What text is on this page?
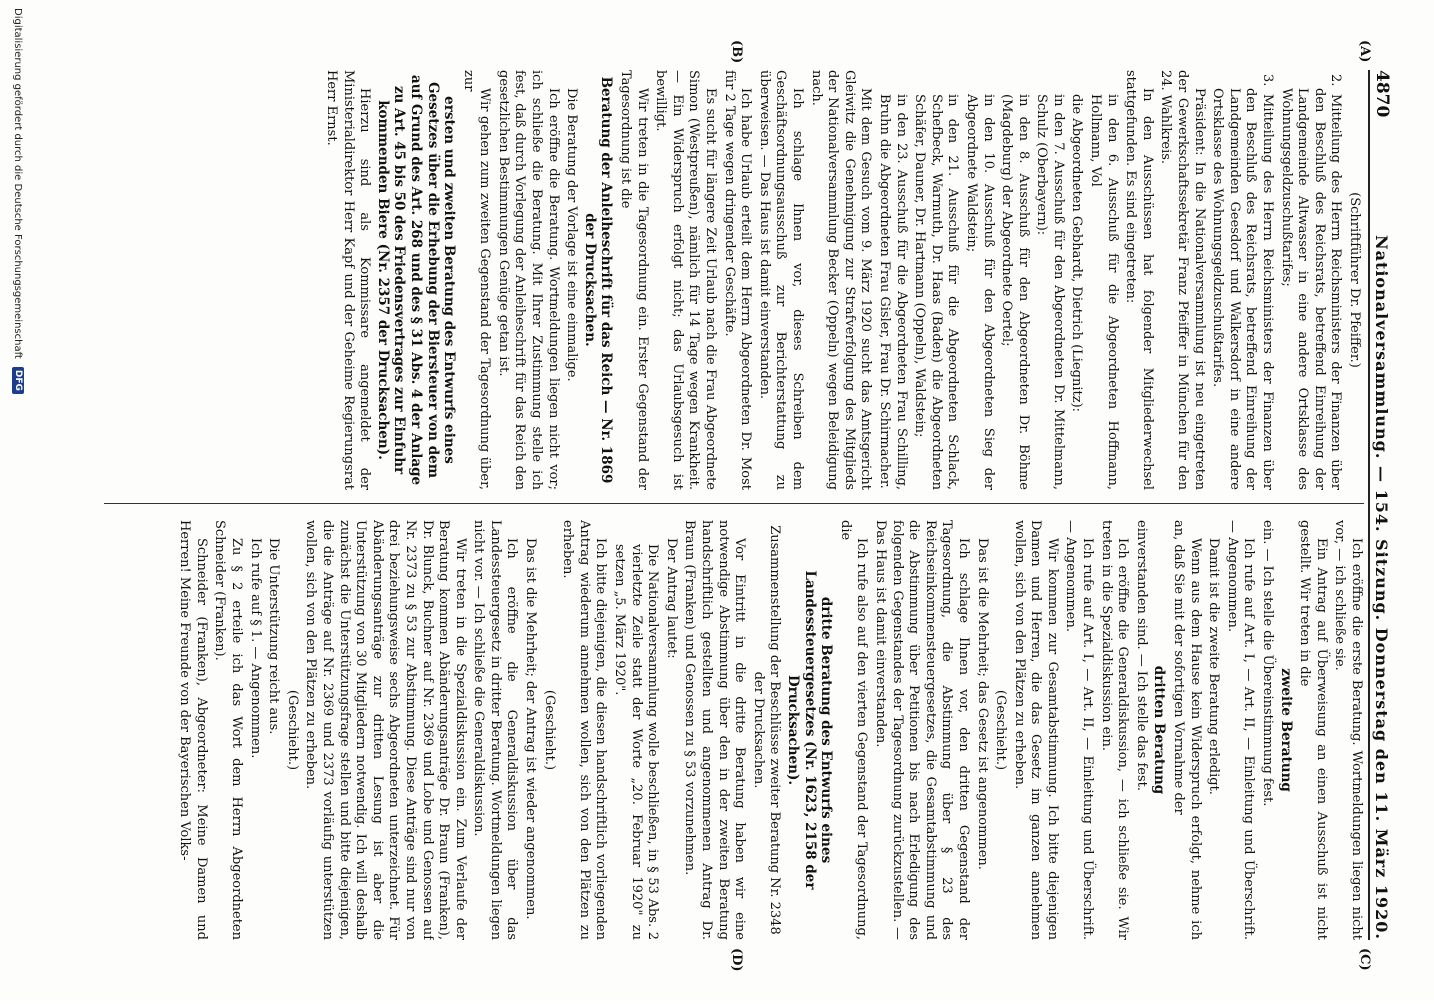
4870
Nationalversammlung. — 154. Sitzung. Donnerstag den 11. März 1920.
(A)
(B)
(C)
(D)

(Schriftführer Dr. Pfeiffer.)

2. Mitteilung des Herrn Reichsministers der Finanzen über den Beschluß des Reichsrats, betreffend Einreihung der Landgemeinde Altwasser in eine andere Ortsklasse des Wohnungsgeldzuschußtarifes;

3. Mitteilung des Herrn Reichsministers der Finanzen über den Beschluß des Reichsrats, betreffend Einreihung der Landgemeinden Geesdorf und Walkersdorf in eine andere Ortsklasse des Wohnungsgeldzuschußtarifes.

Präsident: In die Nationalversammlung ist neu eingetreten der Gewerkschaftssekretär Franz Pfeiffer in München für den 24. Wahlkreis.

In den Ausschüssen hat folgender Mitgliederwechsel stattgefunden. Es sind eingetreten:

in den 6. Ausschuß für die Abgeordneten Hoffmann, Hollmann, Vol

die Abgeordneten Gebhardt, Dietrich (Liegnitz):

in den 7. Ausschuß für den Abgeordneten Dr. Mittelmann, Schulz (Oberbayern):

in den 8. Ausschuß für den Abgeordneten Dr. Böhme (Magdeburg) der Abgeordnete Oertel;

in den 10. Ausschuß für den Abgeordneten Sieg der Abgeordnete Waldstein;

in den 21. Ausschuß für die Abgeordneten Schlack, Schefbeck, Warmuth, Dr. Haas (Baden) die Abgeordneten Schäfer, Dauner, Dr. Hartmann (Oppeln), Waldstein;

in den 23. Ausschuß für die Abgeordneten Frau Schilling, Bruhn die Abgeordneten Frau Gisler, Frau Dr. Schirmacher.

Mit dem Gesuch vom 9. März 1920 sucht das Amtsgericht Gleiwitz die Genehmigung zur Strafverfolgung des Mitglieds der Nationalversammlung Becker (Oppeln) wegen Beleidigung nach.

Ich schlage Ihnen vor, dieses Schreiben dem Geschäftsordnungsausschuß zur Berichterstattung zu überweisen. — Das Haus ist damit einverstanden.

Ich habe Urlaub erteilt dem Herrn Abgeordneten Dr. Most für 2 Tage wegen dringender Geschäfte.

Es sucht für längere Zeit Urlaub nach die Frau Abgeordnete Simon (Westpreußen), nämlich für 14 Tage wegen Krankheit. — Ein Widerspruch erfolgt nicht; das Urlaubsgesuch ist bewilligt.

Wir treten in die Tagesordnung ein. Erster Gegenstand der Tagesordnung ist die

Beratung der Anleiheschrift für das Reich — Nr. 1869 der Drucksachen.

Die Beratung der Vorlage ist eine einmalige.

Ich eröffne die Beratung. Wortmeldungen liegen nicht vor; ich schließe die Beratung. Mit Ihrer Zustimmung stelle ich fest, daß durch Vorlegung der Anleiheschrift für das Reich den gesetzlichen Bestimmungen Genüge getan ist.

Wir gehen zum zweiten Gegenstand der Tagesordnung über, zur

ersten und zweiten Beratung des Entwurfs eines Gesetzes über die Erhebung der Biersteuer von dem auf Grund des Art. 268 und des § 31 Abs. 4 der Anlage zu Art. 45 bis 50 des Friedensvertrages zur Einfuhr kommenden Biere (Nr. 2357 der Drucksachen).

Hierzu sind als Kommissare angemeldet der Ministerialdirektor Herr Kapf und der Geheime Regierungsrat Herr Ernst.

Ich eröffne die erste Beratung. Wortmeldungen liegen nicht vor, — ich schließe sie.

Ein Antrag auf Überweisung an einen Ausschuß ist nicht gestellt. Wir treten in die

zweite Beratung

ein. — Ich stelle die Übereinstimmung fest.

Ich rufe auf Art. I, — Art. II, — Einleitung und Überschrift. — Angenommen.

Damit ist die zweite Beratung erledigt.

Wenn aus dem Hause kein Widerspruch erfolgt, nehme ich an, daß Sie mit der sofortigen Vornahme der

dritten Beratung

einverstanden sind. — Ich stelle das fest.

Ich eröffne die Generaldiskussion, — ich schließe sie. Wir treten in die Spezialdiskussion ein.

Ich rufe auf Art. I, — Art. II, — Einleitung und Überschrift. — Angenommen.

Wir kommen zur Gesamtabstimmung. Ich bitte diejenigen Damen und Herren, die das Gesetz im ganzen annehmen wollen, sich von den Plätzen zu erheben.

(Geschieht.)

Das ist die Mehrheit; das Gesetz ist angenommen.

Ich schlage Ihnen vor, den dritten Gegenstand der Tagesordnung, die Abstimmung über § 23 des Reichseinkommensteuergesetzes, die Gesamtabstimmung und die Abstimmung über Petitionen bis nach Erledigung des folgenden Gegenstandes der Tagesordnung zurückzustellen. — Das Haus ist damit einverstanden.

Ich rufe also auf den vierten Gegenstand der Tagesordnung, die

dritte Beratung des Entwurfs eines Landessteuergesetzes (Nr. 1623, 2158 der Drucksachen).

Zusammenstellung der Beschlüsse zweiter Beratung Nr. 2348 der Drucksachen.

Vor Eintritt in die dritte Beratung haben wir eine notwendige Abstimmung über den in der zweiten Beratung handschriftlich gestellten und angenommenen Antrag Dr. Braun (Franken) und Genossen zu § 53 vorzunehmen.

Der Antrag lautet:

Die Nationalversammlung wolle beschließen, in § 53 Abs. 2 vierletzte Zeile statt der Worte „20. Februar 1920" zu setzen „5. März 1920".

Ich bitte diejenigen, die diesen handschriftlich vorliegenden Antrag wiederum annehmen wollen, sich von den Plätzen zu erheben.

(Geschieht.)

Das ist die Mehrheit; der Antrag ist wieder angenommen.

Ich eröffne die Generaldiskussion über das Landessteuergesetz in dritter Beratung. Wortmeldungen liegen nicht vor. — Ich schließe die Generaldiskussion.

Wir treten in die Spezialdiskussion ein. Zum Verlaufe der Beratung kommen Abänderungsanträge Dr. Braun (Franken), Dr. Blunck, Buchner auf Nr. 2369 und Lobe und Genossen auf Nr. 2373 zu § 53 zur Abstimmung. Diese Anträge sind nur von drei beziehungsweise sechs Abgeordneten unterzeichnet. Für Abänderungsanträge zur dritten Lesung ist aber die Unterstützung von 30 Mitgliedern notwendig. Ich will deshalb zunächst die Unterstützungsfrage stellen und bitte diejenigen, die die Anträge auf Nr. 2369 und 2373 vorläufig unterstützen wollen, sich von den Plätzen zu erheben.

(Geschieht.)

Die Unterstützung reicht aus.

Ich rufe auf § 1. — Angenommen.

Zu § 2 erteile ich das Wort dem Herrn Abgeordneten Schneider (Franken).

Schneider (Franken), Abgeordneter: Meine Damen und Herren! Meine Freunde von der Bayerischen Volks-

Digitalisierung gefördert durch die Deutsche Forschungsgemeinschaft
DFG
